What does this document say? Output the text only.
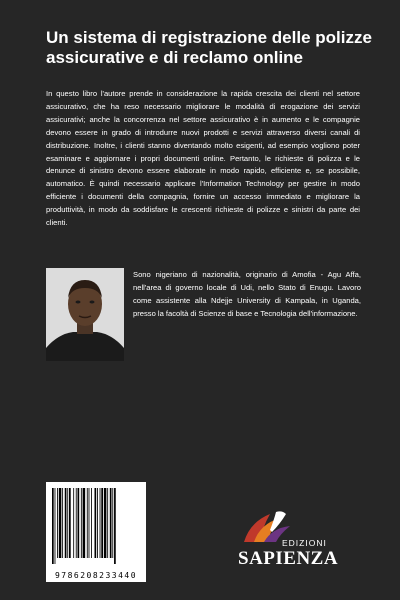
Un sistema di registrazione delle polizze assicurative e di reclamo online

In questo libro l'autore prende in considerazione la rapida crescita dei clienti nel settore assicurativo, che ha reso necessario migliorare le modalità di erogazione dei servizi assicurativi; anche la concorrenza nel settore assicurativo è in aumento e le compagnie devono essere in grado di introdurre nuovi prodotti e servizi attraverso diversi canali di distribuzione. Inoltre, i clienti stanno diventando molto esigenti, ad esempio vogliono poter esaminare e aggiornare i propri documenti online. Pertanto, le richieste di polizza e le denunce di sinistro devono essere elaborate in modo rapido, efficiente e, se possibile, automatico. È quindi necessario applicare l'Information Technology per gestire in modo efficiente i documenti della compagnia, fornire un accesso immediato e migliorare la produttività, in modo da soddisfare le crescenti richieste di polizze e sinistri da parte dei clienti.

Sono nigeriano di nazionalità, originario di Amofia - Agu Affa, nell'area di governo locale di Udi, nello Stato di Enugu. Lavoro come assistente alla Ndejje University di Kampala, in Uganda, presso la facoltà di Scienze di base e Tecnologia dell'informazione.

9786208233440
EDIZIONI
SAPIENZA
